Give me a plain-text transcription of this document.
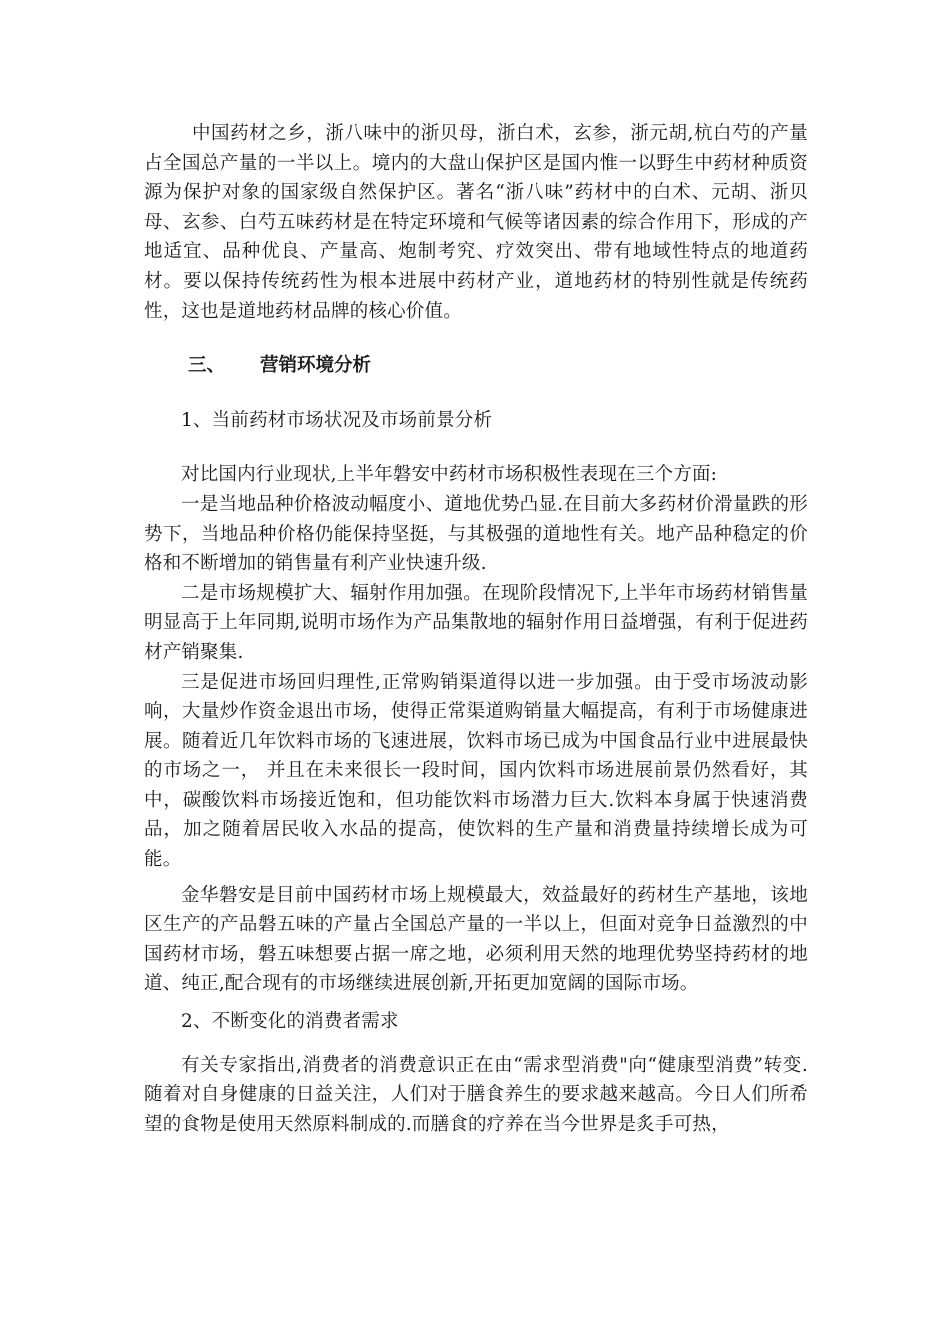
中国药材之乡，浙八味中的浙贝母，浙白术，玄参，浙元胡,杭白芍的产量占全国总产量的一半以上。境内的大盘山保护区是国内惟一以野生中药材种质资源为保护对象的国家级自然保护区。著名“浙八味”药材中的白术、元胡、浙贝母、玄参、白芍五味药材是在特定环境和气候等诸因素的综合作用下，形成的产地适宜、品种优良、产量高、炮制考究、疗效突出、带有地域性特点的地道药材。要以保持传统药性为根本进展中药材产业，道地药材的特别性就是传统药性，这也是道地药材品牌的核心价值。

三、	营销环境分析

1、当前药材市场状况及市场前景分析

对比国内行业现状,上半年磐安中药材市场积极性表现在三个方面:

一是当地品种价格波动幅度小、道地优势凸显.在目前大多药材价滑量跌的形势下，当地品种价格仍能保持坚挺，与其极强的道地性有关。地产品种稳定的价格和不断增加的销售量有利产业快速升级.

二是市场规模扩大、辐射作用加强。在现阶段情况下,上半年市场药材销售量明显高于上年同期,说明市场作为产品集散地的辐射作用日益增强，有利于促进药材产销聚集.

三是促进市场回归理性,正常购销渠道得以进一步加强。由于受市场波动影响，大量炒作资金退出市场，使得正常渠道购销量大幅提高，有利于市场健康进展。随着近几年饮料市场的飞速进展，饮料市场已成为中国食品行业中进展最快的市场之一， 并且在未来很长一段时间，国内饮料市场进展前景仍然看好，其中，碳酸饮料市场接近饱和，但功能饮料市场潜力巨大.饮料本身属于快速消费品，加之随着居民收入水品的提高，使饮料的生产量和消费量持续增长成为可能。

金华磐安是目前中国药材市场上规模最大，效益最好的药材生产基地，该地区生产的产品磐五味的产量占全国总产量的一半以上，但面对竞争日益激烈的中国药材市场，磐五味想要占据一席之地，必须利用天然的地理优势坚持药材的地道、纯正,配合现有的市场继续进展创新,开拓更加宽阔的国际市场。

2、不断变化的消费者需求

有关专家指出,消费者的消费意识正在由“需求型消费"向“健康型消费”转变.随着对自身健康的日益关注，人们对于膳食养生的要求越来越高。今日人们所希望的食物是使用天然原料制成的.而膳食的疗养在当今世界是炙手可热，
